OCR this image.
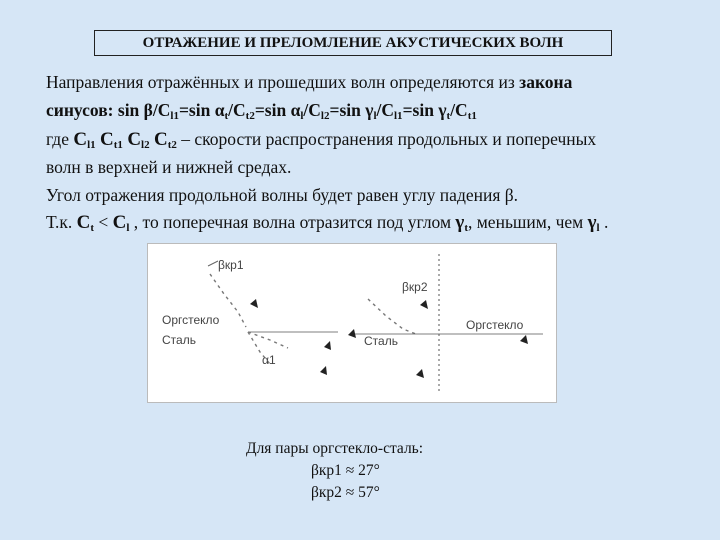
ОТРАЖЕНИЕ И ПРЕЛОМЛЕНИЕ АКУСТИЧЕСКИХ ВОЛН
Направления отражённых и прошедших волн определяются из закона
синусов: $\sin \beta/С_{l1}=\sin$ $\alpha_t/С_{t2}=\sin$ $\alpha_l/С_{l2}=\sin$ $\gamma_l/С_{l1}=\sin$ $\gamma_t/С_{t1}$
где $C_{l1}$ $C_{t1}$ $C_{l2}$ $C_{t2}$ – скорости распространения продольных и поперечных
волн в верхней и нижней средах.
Угол отражения продольной волны будет равен углу падения β.
Т.к. $C_t < C_l$ , то поперечная волна отразится под углом $\gamma_t$, меньшим, чем $\gamma_l$ .
βкр1
Оргстекло
Сталь
α1
βкр2
Сталь
Оргстекло
Для пары оргстекло-сталь:
βкр1 ≈ 27°
βкр2 ≈ 57°
